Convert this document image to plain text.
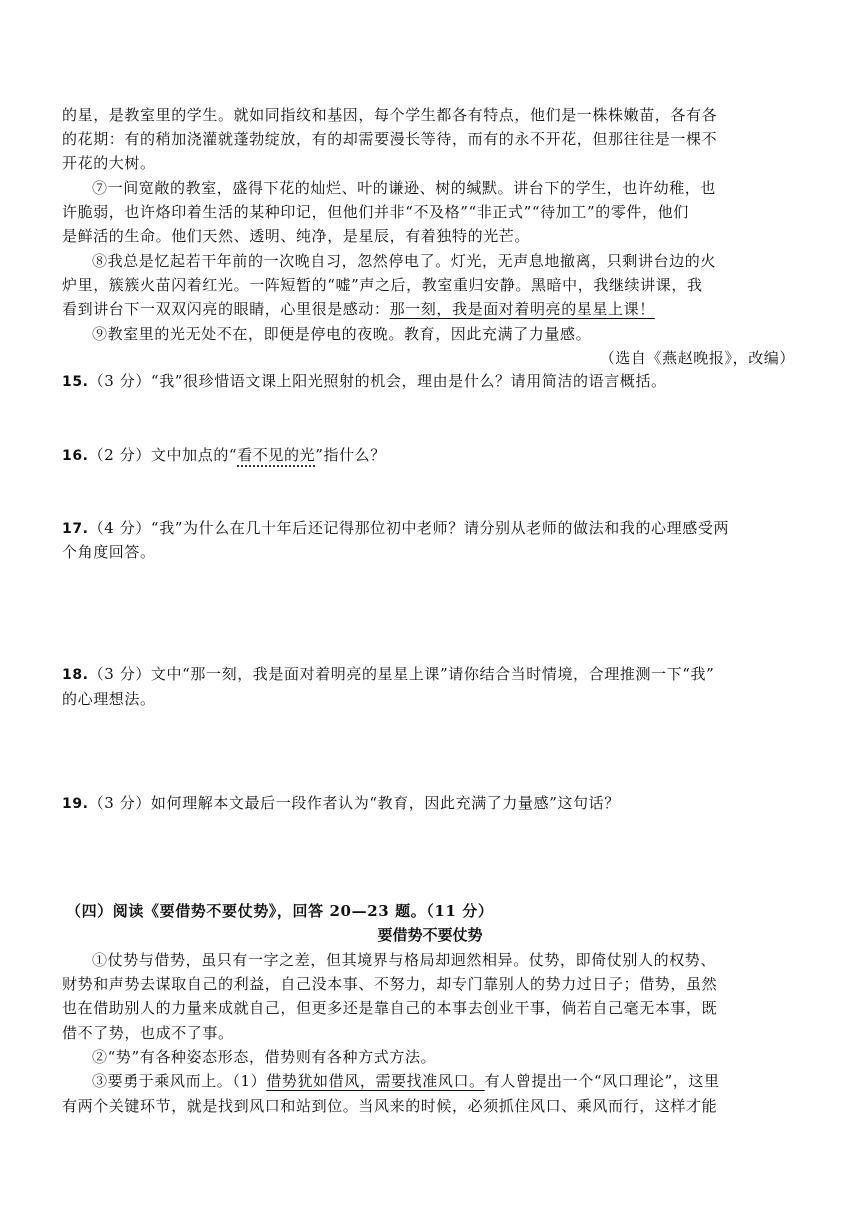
的星，是教室里的学生。就如同指纹和基因，每个学生都各有特点，他们是一株株嫩苗，各有各
的花期：有的稍加浇灌就蓬勃绽放，有的却需要漫长等待，而有的永不开花，但那往往是一棵不
开花的大树。
⑦一间宽敞的教室，盛得下花的灿烂、叶的谦逊、树的缄默。讲台下的学生，也许幼稚，也
许脆弱，也许烙印着生活的某种印记，但他们并非“不及格”“非正式”“待加工”的零件，他们
是鲜活的生命。他们天然、透明、纯净，是星辰，有着独特的光芒。
⑧我总是忆起若干年前的一次晚自习，忽然停电了。灯光，无声息地撤离，只剩讲台边的火
炉里，簇簇火苗闪着红光。一阵短暂的“嘘”声之后，教室重归安静。黑暗中，我继续讲课，我
看到讲台下一双双闪亮的眼睛，心里很是感动：那一刻，我是面对着明亮的星星上课！
⑨教室里的光无处不在，即便是停电的夜晚。教育，因此充满了力量感。
（选自《燕赵晚报》，改编）
15.（3 分）“我”很珍惜语文课上阳光照射的机会，理由是什么？请用简洁的语言概括。
16.（2 分）文中加点的“看不见的光”指什么？
17.（4 分）“我”为什么在几十年后还记得那位初中老师？请分别从老师的做法和我的心理感受两
个角度回答。
18.（3 分）文中“那一刻，我是面对着明亮的星星上课”请你结合当时情境，合理推测一下“我”
的心理想法。
19.（3 分）如何理解本文最后一段作者认为“教育，因此充满了力量感”这句话？
（四）阅读《要借势不要仗势》，回答 20—23 题。（11 分）
要借势不要仗势
①仗势与借势，虽只有一字之差，但其境界与格局却迥然相异。仗势，即倚仗别人的权势、
财势和声势去谋取自己的利益，自己没本事、不努力，却专门靠别人的势力过日子；借势，虽然
也在借助别人的力量来成就自己，但更多还是靠自己的本事去创业干事，倘若自己毫无本事，既
借不了势，也成不了事。
②“势”有各种姿态形态，借势则有各种方式方法。
③要勇于乘风而上。（1）借势犹如借风，需要找准风口。有人曾提出一个“风口理论”，这里
有两个关键环节，就是找到风口和站到位。当风来的时候，必须抓住风口、乘风而行，这样才能
